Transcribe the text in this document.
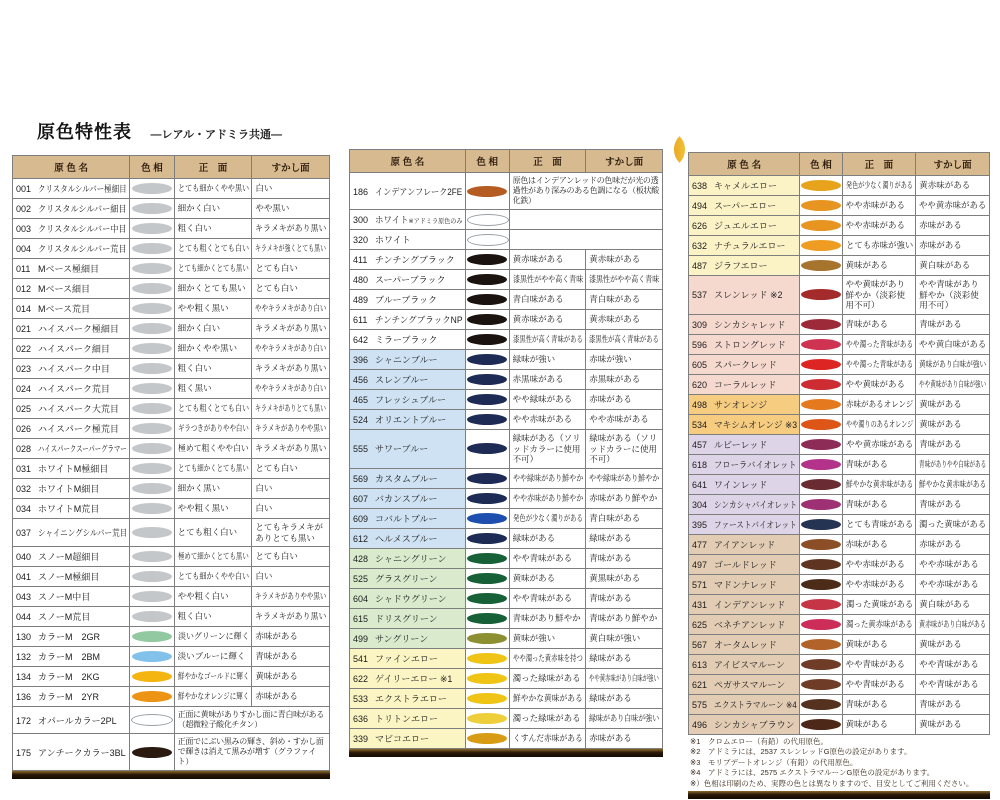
原色特性表 —レアル・アドミラ共通—
原 色 名	色 相	正　面	すかし面
001 クリスタルシルバー極細目		とても細かくやや黒い	白い
002 クリスタルシルバー細目		細かく白い	やや黒い
003 クリスタルシルバー中目		粗く白い	キラメキがあり黒い
004 クリスタルシルバー荒目		とても粗くとても白い	キラメキが強くとても黒い
011 Mベース極細目		とても細かくとても黒い	とても白い
012 Mベース細目		細かくとても黒い	とても白い
014 Mベース荒目		やや粗く黒い	ややキラメキがあり白い
021 ハイスパーク極細目		細かく白い	キラメキがあり黒い
022 ハイスパーク細目		細かくやや黒い	ややキラメキがあり白い
023 ハイスパーク中目		粗く白い	キラメキがあり黒い
024 ハイスパーク荒目		粗く黒い	ややキラメキがあり白い
025 ハイスパーク大荒目		とても粗くとても白い	キラメキがありとても黒い
026 ハイスパーク極荒目		ギラつきがありやや白い	キラメキがありやや黒い
028 ハイスパークスーパーグラマー		極めて粗くやや白い	キラメキがあり黒い
031 ホワイトM極細目		とても細かくとても黒い	とても白い
032 ホワイトM細目		細かく黒い	白い
034 ホワイトM荒目		やや粗く黒い	白い
037 シャイニングシルバー荒目		とても粗く白い	とてもキラメキがありとても黒い
040 スノーM超細目		極めて細かくとても黒い	とても白い
041 スノーM極細目		とても細かくやや白い	白い
043 スノーM中目		やや粗く白い	キラメキがありやや黒い
044 スノーM荒目		粗く白い	キラメキがあり黒い
130 カラーM　2GR		淡いグリーンに輝く	赤味がある
132 カラーM　2BM		淡いブルーに輝く	青味がある
134 カラーM　2KG		鮮やかなゴールドに輝く	黄味がある
136 カラーM　2YR		鮮やかなオレンジに輝く	赤味がある
172 オパールカラー2PL		正面に黄味がありすかし面に青白味がある（超微粒子酸化チタン）	
175 アンチークカラー3BL		正面でにぶい黒みの輝き、斜め・すかし面で輝きは消えて黒みが増す（グラファイト）	
原 色 名	色 相	正　面	すかし面
186 インデアンフレーク2FE		原色はインデアンレッドの色味だが光の透過性があり深みのある色調になる（板状酸化鉄）	
300 ホワイト※アドミラ原色のみ		

320 ホワイト		

411 チンチングブラック		黄赤味がある	黄赤味がある
480 スーパーブラック		漆黒性がやや高く青味	漆黒性がやや高く青味
489 ブルーブラック		青白味がある	青白味がある
611 チンチングブラックNP		黄赤味がある	黄赤味がある
642 ミラーブラック		漆黒性が高く青味がある	漆黒性が高く青味がある
396 シャニンブルー		緑味が強い	赤味が強い
456 スレンブルー		赤黒味がある	赤黒味がある
465 フレッシュブルー		やや緑味がある	赤味がある
524 オリエントブルー		やや赤味がある	やや赤味がある
555 サワーブルー		緑味がある（ソリッドカラーに使用不可）	緑味がある（ソリッドカラーに使用不可）
569 カスタムブルー		やや緑味があり鮮やか	やや緑味があり鮮やか
607 バカンスブルー		やや赤味があり鮮やか	赤味があり鮮やか
609 コバルトブルー		発色が少なく濁りがある	青白味がある
612 ヘルメスブルー		緑味がある	緑味がある
428 シャニングリーン		やや青味がある	青味がある
525 グラスグリーン		黄味がある	黄黒味がある
604 シャドウグリーン		やや青味がある	青味がある
615 ドリスグリーン		青味があり鮮やか	青味があり鮮やか
499 サングリーン		黄味が強い	黄白味が強い
541 ファインエロー		やや濁った黄赤味を持つ	緑味がある
622 ゲイリーエロー ※1		濁った緑味がある	やや黄赤味があり白味が強い
533 エクストラエロー		鮮やかな黄味がある	緑味がある
636 トリトンエロー		濁った緑味がある	緑味があり白味が強い
339 マビコエロー		くすんだ赤味がある	赤味がある
原 色 名	色 相	正　面	すかし面
638 キャメルエロー		発色が少なく濁りがある	黄赤味がある
494 スーパーエロー		やや赤味がある	やや黄赤味がある
626 ジュエルエロー		やや赤味がある	赤味がある
632 ナチュラルエロー		とても赤味が強い	赤味がある
487 ジラフエロー		黄味がある	黄白味がある
537 スレンレッド ※2		やや黄味があり鮮やか（淡彩使用不可）	やや青味があり鮮やか（淡彩使用不可）
309 シンカシャレッド		青味がある	青味がある
596 ストロングレッド		やや濁った青味がある	やや黄白味がある
605 スパークレッド		やや濁った青味がある	黄味があり白味が強い
620 コーラルレッド		やや黄味がある	やや黄味があり白味が強い
498 サンオレンジ		赤味があるオレンジ	黄味がある
534 マキシムオレンジ ※3		やや濁りのあるオレンジ	黄味がある
457 ルビーレッド		やや黄赤味がある	青味がある
618 フローラバイオレット		青味がある	青味がありやや白味がある
641 ワインレッド		鮮やかな黄赤味がある	鮮やかな黄赤味がある
304 シンカシャバイオレット		青味がある	青味がある
395 ファーストバイオレット		とても青味がある	濁った黄味がある
477 アイアンレッド		赤味がある	赤味がある
497 ゴールドレッド		やや赤味がある	やや赤味がある
571 マドンナレッド		やや赤味がある	やや赤味がある
431 インデアンレッド		濁った黄味がある	黄白味がある
625 ベネチアンレッド		濁った黄赤味がある	黄赤味があり白味がある
567 オータムレッド		黄味がある	黄味がある
613 アイビスマルーン		やや青味がある	やや青味がある
621 ペガサスマルーン		やや青味がある	やや青味がある
575 エクストラマルーン ※4		青味がある	青味がある
496 シンカシャブラウン		黄味がある	黄味がある
※1　クロムエロー（有鉛）の代用原色。
※2　アドミラには、2537 スレンレッドG原色の設定があります。
※3　モリブデートオレンジ（有鉛）の代用原色。
※4　アドミラには、2575 エクストラマルーンG原色の設定があります。
※）色相は印刷のため、実際の色とは異なりますので、目安としてご利用ください。
